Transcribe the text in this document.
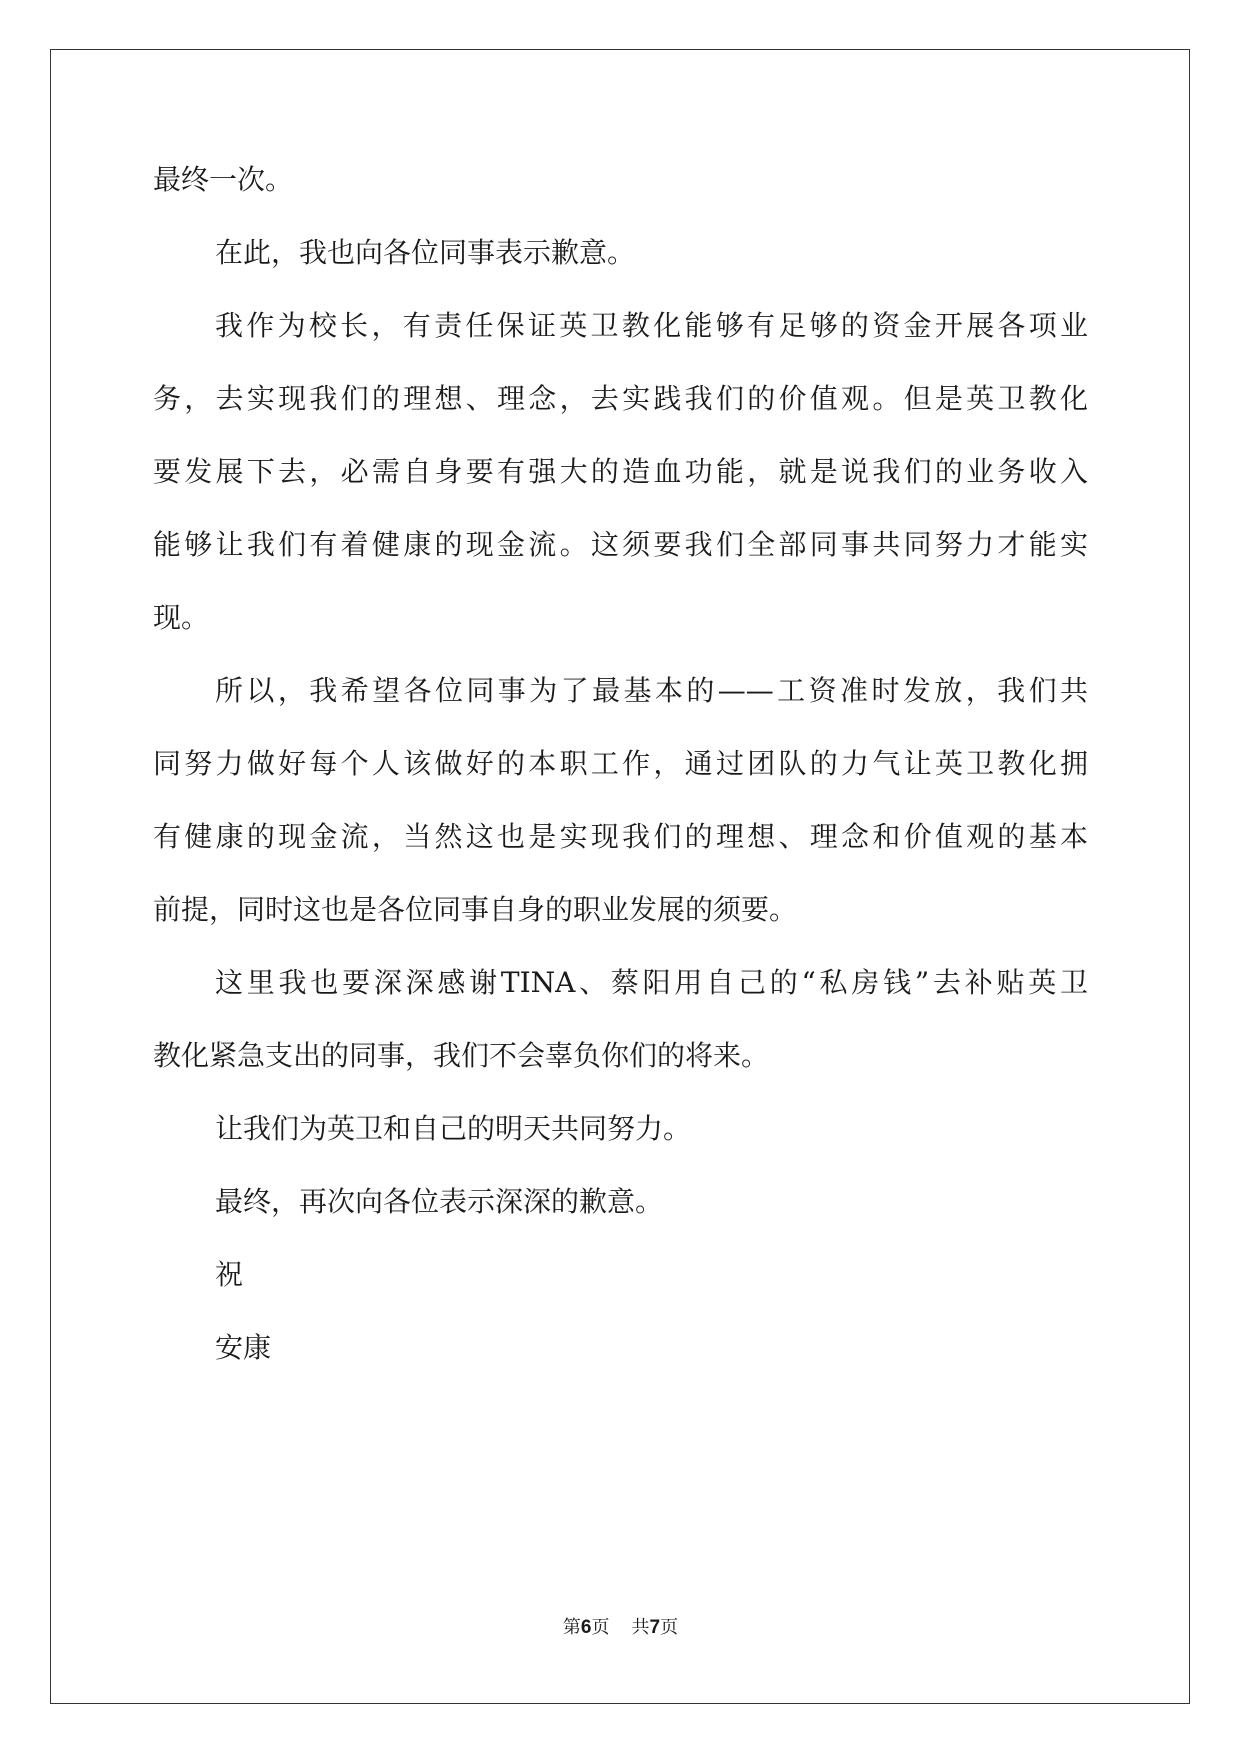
最终一次。
在此，我也向各位同事表示歉意。
我作为校长，有责任保证英卫教化能够有足够的资金开展各项业
务，去实现我们的理想、理念，去实践我们的价值观。但是英卫教化
要发展下去，必需自身要有强大的造血功能，就是说我们的业务收入
能够让我们有着健康的现金流。这须要我们全部同事共同努力才能实
现。
所以，我希望各位同事为了最基本的——工资准时发放，我们共
同努力做好每个人该做好的本职工作，通过团队的力气让英卫教化拥
有健康的现金流，当然这也是实现我们的理想、理念和价值观的基本
前提，同时这也是各位同事自身的职业发展的须要。
这里我也要深深感谢TINA、蔡阳用自己的“私房钱”去补贴英卫
教化紧急支出的同事，我们不会辜负你们的将来。
让我们为英卫和自己的明天共同努力。
最终，再次向各位表示深深的歉意。
祝
安康
第6页 共7页
